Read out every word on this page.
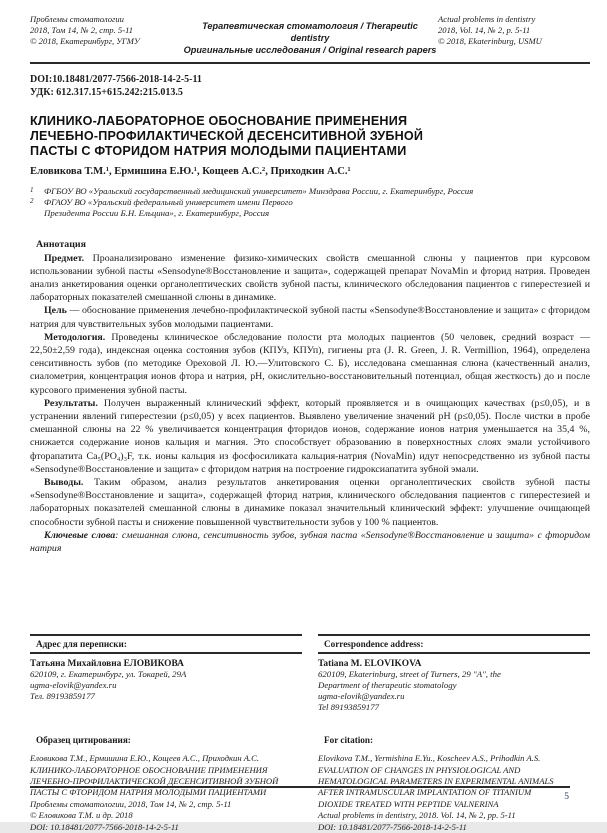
Проблемы стоматологии
2018, Том 14, № 2, стр. 5-11
© 2018, Екатеринбург, УГМУ
Терапевтическая стоматология / Therapeutic dentistry
Оригинальные исследования / Original research papers
Actual problems in dentistry
2018, Vol. 14, № 2, p. 5-11
© 2018, Ekaterinburg, USMU
DOI:10.18481/2077-7566-2018-14-2-5-11
УДК: 612.317.15+615.242:215.013.5
КЛИНИКО-ЛАБОРАТОРНОЕ ОБОСНОВАНИЕ ПРИМЕНЕНИЯ
ЛЕЧЕБНО-ПРОФИЛАКТИЧЕСКОЙ ДЕСЕНСИТИВНОЙ ЗУБНОЙ
ПАСТЫ С ФТОРИДОМ НАТРИЯ МОЛОДЫМИ ПАЦИЕНТАМИ
Еловикова Т.М.¹, Ермишина Е.Ю.¹, Кощеев А.С.², Приходкин А.С.¹
1	ФГБОУ ВО «Уральский государственный медицинский университет» Минздрава России, г. Екатеринбург, Россия
2	ФГАОУ ВО «Уральский федеральный университет имени Первого
Президента России Б.Н. Ельцина», г. Екатеринбург, Россия
Аннотация

Предмет. Проанализировано изменение физико-химических свойств смешанной слюны у пациентов при курсовом использовании зубной пасты «Sensodyne®Восстановление и защита», содержащей препарат NovaMin и фторид натрия. Проведен анализ анкетирования оценки органолептических свойств зубной пасты, клинического обследования пациентов с гиперестезией и лабораторных показателей смешанной слюны в динамике.

Цель — обоснование применения лечебно-профилактической зубной пасты «Sensodyne®Восстановление и защита» с фторидом натрия для чувствительных зубов молодыми пациентами.

Методология. Проведены клиническое обследование полости рта молодых пациентов (50 человек, средний возраст — 22,50±2,59 года), индексная оценка состояния зубов (КПУз, КПУп), гигиены рта (J. R. Green, J. R. Vermillion, 1964), определена сенситивность зубов (по методике Ореховой Л. Ю.—Улитовского С. Б), исследована смешанная слюна (качественный анализ, сиалометрия, концентрация ионов фтора и натрия, pH, окислительно-восстановительный потенциал, общая жесткость) до и после курсового применения зубной пасты.

Результаты. Получен выраженный клинический эффект, который проявляется и в очищающих качествах (p≤0,05), и в устранении явлений гиперестезии (p≤0,05) у всех пациентов. Выявлено увеличение значений pH (p≤0,05). После чистки в пробе смешанной слюны на 22 % увеличивается концентрация фторидов ионов, содержание ионов натрия уменьшается на 35,4 %, снижается содержание ионов кальция и магния. Это способствует образованию в поверхностных слоях эмали устойчивого фторапатита Ca₅(PO₄)₃F, т.к. ионы кальция из фосфосиликата кальция-натрия (NovaMin) идут непосредственно из зубной пасты «Sensodyne®Восстановление и защита» с фторидом натрия на построение гидроксиапатита зубной эмали.

Выводы. Таким образом, анализ результатов анкетирования оценки органолептических свойств зубной пасты «Sensodyne®Восстановление и защита», содержащей фторид натрия, клинического обследования пациентов с гиперестезией и лабораторных показателей смешанной слюны в динамике показал значительный клинический эффект: улучшение очищающей способности зубной пасты и снижение повышенной чувствительности зубов у 100 % пациентов.

Ключевые слова: смешанная слюна, сенситивность зубов, зубная паста «Sensodyne®Восстановление и защита» с фторидом натрия

Адрес для переписки:
Татьяна Михайловна ЕЛОВИКОВА
620109, г. Екатеринбург, ул. Токарей, 29А
ugma-elovik@yandex.ru
Тел. 89193859177
Correspondence address:
Tatiana M. ELOVIKOVA
620109, Ekaterinburg, street of Turners, 29 "A", the
Department of therapeutic stomatology
ugma-elovik@yandex.ru
Tel 89193859177
Образец цитирования:
Еловикова Т.М., Ермишина Е.Ю., Кощеев А.С., Приходкин А.С.
КЛИНИКО-ЛАБОРАТОРНОЕ ОБОСНОВАНИЕ ПРИМЕНЕНИЯ
ЛЕЧЕБНО-ПРОФИЛАКТИЧЕСКОЙ ДЕСЕНСИТИВНОЙ ЗУБНОЙ
ПАСТЫ С ФТОРИДОМ НАТРИЯ МОЛОДЫМИ ПАЦИЕНТАМИ
Проблемы стоматологии, 2018, Том 14, № 2, стр. 5-11
© Еловикова Т.М. и др. 2018
DOI: 10.18481/2077-7566-2018-14-2-5-11
For citation:
Elovikova T.M., Yermishina E.Yu., Koscheev A.S., Prihodkin A.S.
EVALUATION OF CHANGES IN PHYSIOLOGICAL AND
HEMATOLOGICAL PARAMETERS IN EXPERIMENTAL ANIMALS
AFTER INTRAMUSCULAR IMPLANTATION OF TITANIUM
DIOXIDE TREATED WITH PEPTIDE VALNERINA
Actual problems in dentistry, 2018. Vol. 14, № 2, pp. 5-11
DOI: 10.18481/2077-7566-2018-14-2-5-11
5
